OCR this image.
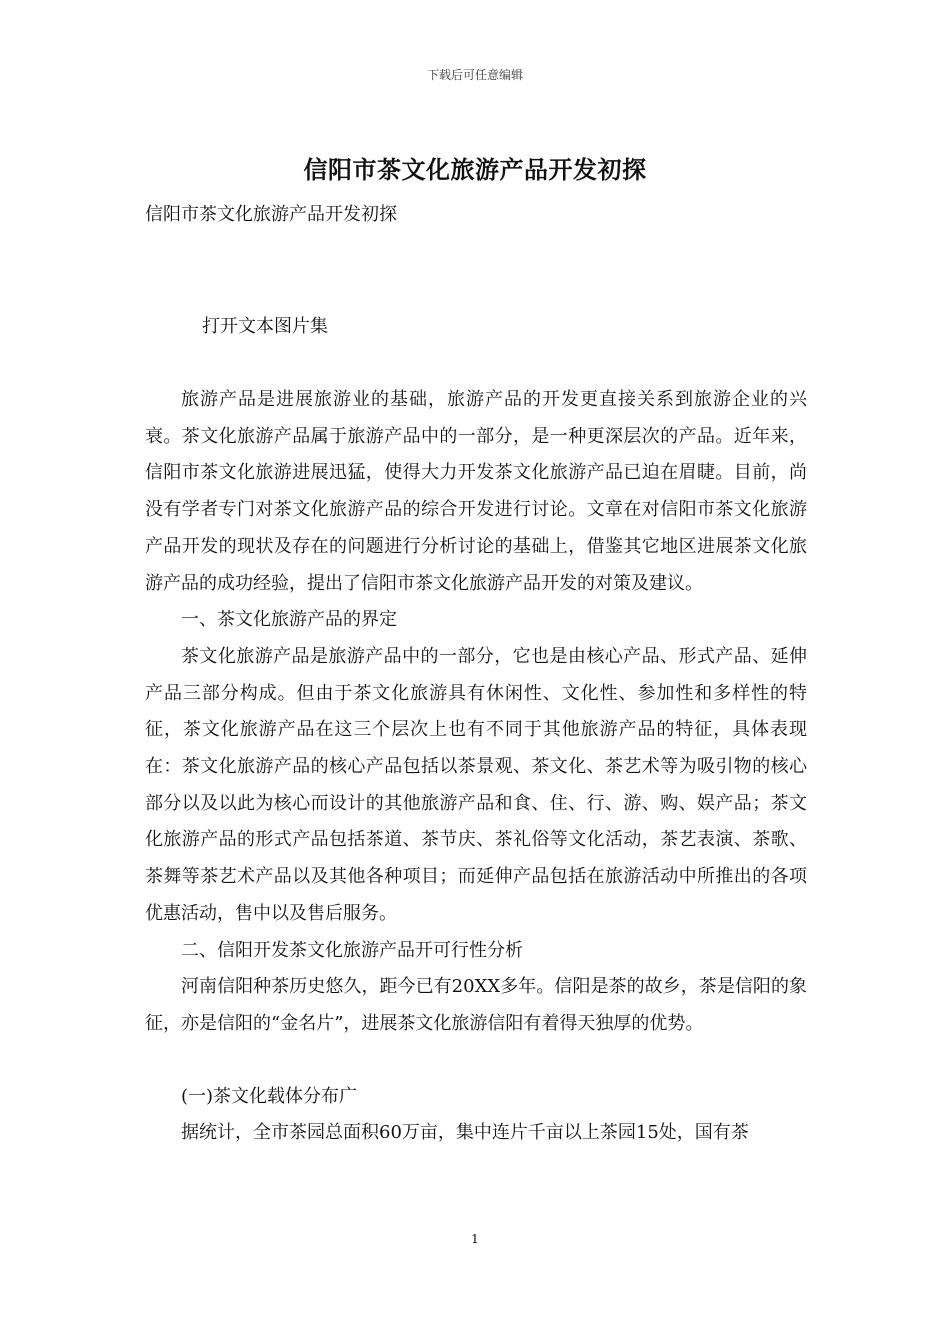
下载后可任意编辑
信阳市茶文化旅游产品开发初探
信阳市茶文化旅游产品开发初探
打开文本图片集

旅游产品是进展旅游业的基础，旅游产品的开发更直接关系到旅游企业的兴衰。茶文化旅游产品属于旅游产品中的一部分，是一种更深层次的产品。近年来，信阳市茶文化旅游进展迅猛，使得大力开发茶文化旅游产品已迫在眉睫。目前，尚没有学者专门对茶文化旅游产品的综合开发进行讨论。文章在对信阳市茶文化旅游产品开发的现状及存在的问题进行分析讨论的基础上，借鉴其它地区进展茶文化旅游产品的成功经验，提出了信阳市茶文化旅游产品开发的对策及建议。

一、茶文化旅游产品的界定

茶文化旅游产品是旅游产品中的一部分，它也是由核心产品、形式产品、延伸产品三部分构成。但由于茶文化旅游具有休闲性、文化性、参加性和多样性的特征，茶文化旅游产品在这三个层次上也有不同于其他旅游产品的特征，具体表现在：茶文化旅游产品的核心产品包括以茶景观、茶文化、茶艺术等为吸引物的核心部分以及以此为核心而设计的其他旅游产品和食、住、行、游、购、娱产品；茶文化旅游产品的形式产品包括茶道、茶节庆、茶礼俗等文化活动，茶艺表演、茶歌、茶舞等茶艺术产品以及其他各种项目；而延伸产品包括在旅游活动中所推出的各项优惠活动，售中以及售后服务。

二、信阳开发茶文化旅游产品开可行性分析

河南信阳种茶历史悠久，距今已有20XX多年。信阳是茶的故乡，茶是信阳的象征，亦是信阳的“金名片”，进展茶文化旅游信阳有着得天独厚的优势。

(一)茶文化载体分布广

据统计，全市茶园总面积60万亩，集中连片千亩以上茶园15处，国有茶

1
